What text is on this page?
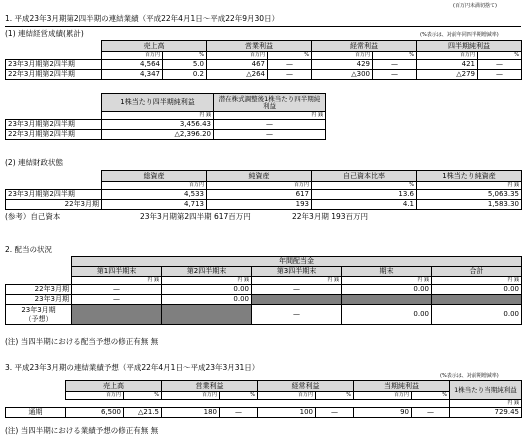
(百万円未満切捨て)
1. 平成23年3月期第2四半期の連結業績（平成22年4月1日〜平成22年9月30日）
(1) 連結経営成績(累計)	(%表示は、対前年同四半期増減率)
	売上高		営業利益		経常利益		四半期純利益	
	百万円	%	百万円	%	百万円	%	百万円	%
23年3月期第2四半期	4,564	5.0	467	—	429	—	421	—
22年3月期第2四半期	4,347	0.2	△264	—	△300	—	△279	—
	1株当たり四半期純利益	潜在株式調整後1株当たり四半期純利益
	円 銭	円 銭
23年3月期第2四半期	3,456.43	—
22年3月期第2四半期	△2,396.20	—
(2) 連結財政状態
	総資産	純資産	自己資本比率	1株当たり純資産
	百万円	百万円	%	円 銭
23年3月期第2四半期	4,533	617	13.6	5,063.35
22年3月期	4,713	193	4.1	1,583.30
(参考）自己資本	23年3月期第2四半期 617百万円	22年3月期 193百万円
2. 配当の状況
	年間配当金				
	第1四半期末	第2四半期末	第3四半期末	期末	合計
	円 銭	円 銭	円 銭	円 銭	円 銭
22年3月期	—	0.00	—	0.00	0.00
23年3月期	—	0.00			
23年3月期
（予想）			—	0.00	0.00
(注) 当四半期における配当予想の修正有無 無
3. 平成23年3月期の連結業績予想（平成22年4月1日〜平成23年3月31日）
(%表示は、対前期増減率)
	売上高		営業利益		経常利益		当期純利益		1株当たり当期純利益
	百万円	%	百万円	%	百万円	%	百万円	%	
									円 銭
通期	6,500	△21.5	180	—	100	—	90	—	729.45
(注) 当四半期における業績予想の修正有無 無
